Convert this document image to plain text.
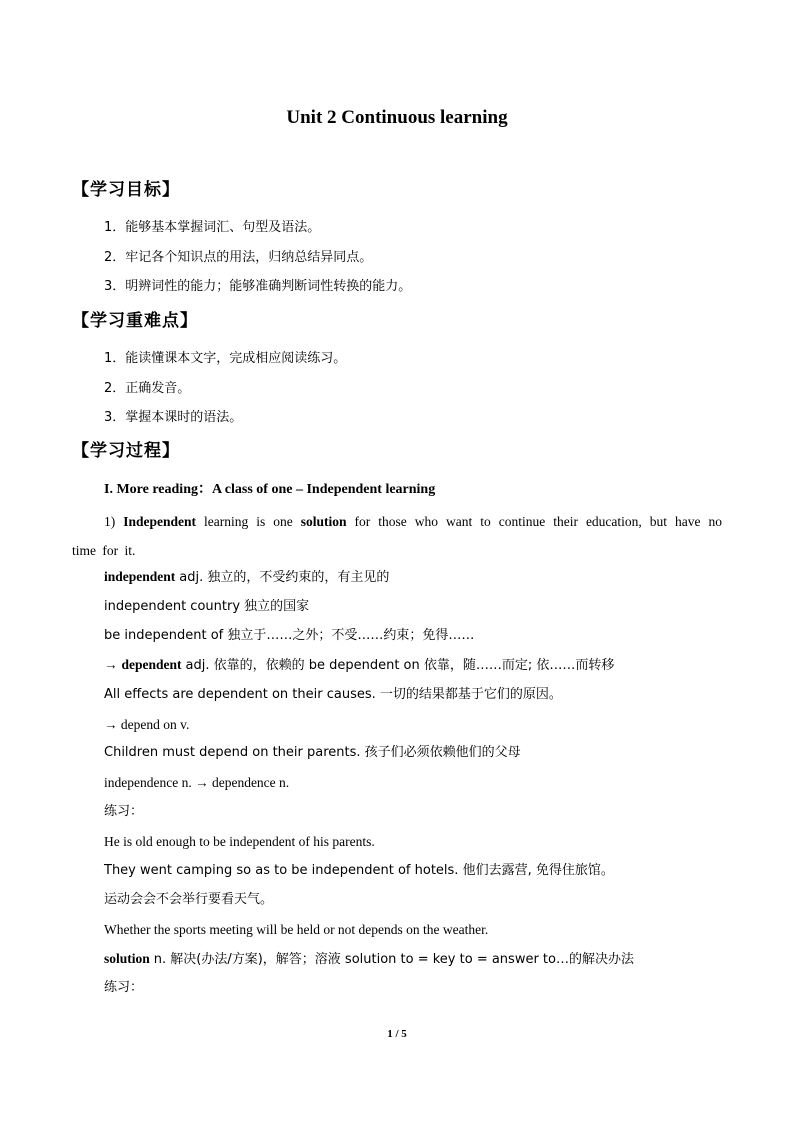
Unit 2 Continuous learning
【学习目标】
1．能够基本掌握词汇、句型及语法。
2．牢记各个知识点的用法，归纳总结异同点。
3．明辨词性的能力；能够准确判断词性转换的能力。
【学习重难点】
1．能读懂课本文字，完成相应阅读练习。
2．正确发音。
3．掌握本课时的语法。
【学习过程】
I. More reading：A class of one – Independent learning
1) Independent learning is one solution for those who want to continue their education, but have no time for it.
independent adj. 独立的，不受约束的，有主见的
independent country 独立的国家
be independent of 独立于……之外；不受……约束；免得……
→ dependent adj. 依靠的，依赖的 be dependent on 依靠，随……而定; 依……而转移
All effects are dependent on their causes. 一切的结果都基于它们的原因。
→ depend on v.
Children must depend on their parents. 孩子们必须依赖他们的父母
independence n. → dependence n.
练习：
He is old enough to be independent of his parents.
They went camping so as to be independent of hotels. 他们去露营, 免得住旅馆。
运动会会不会举行要看天气。
Whether the sports meeting will be held or not depends on the weather.
solution n. 解决(办法/方案)，解答；溶液 solution to = key to = answer to…的解决办法
练习：
1 / 5
